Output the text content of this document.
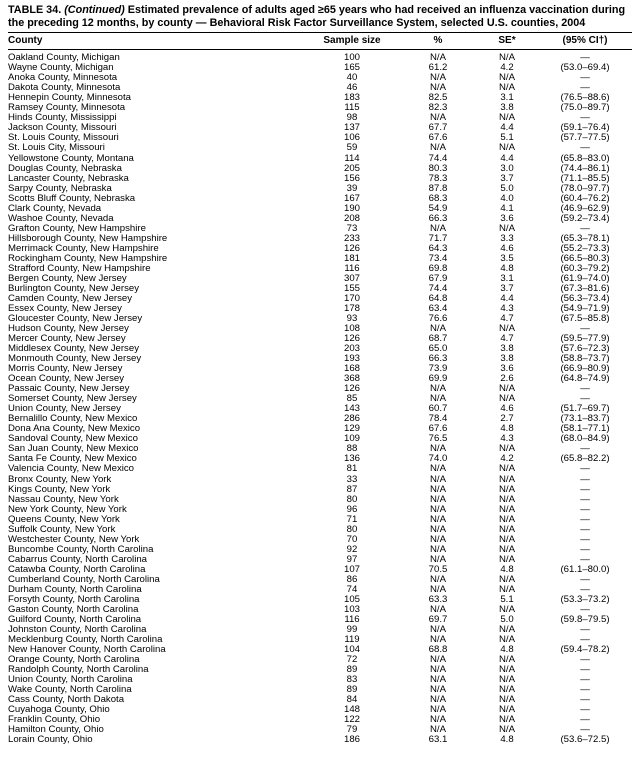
TABLE 34. (Continued) Estimated prevalence of adults aged ≥65 years who had received an influenza vaccination during the preceding 12 months, by county — Behavioral Risk Factor Surveillance System, selected U.S. counties, 2004

County	Sample size	%	SE*	(95% CI†)
Oakland County, Michigan	100	N/A	N/A	—
Wayne County, Michigan	165	61.2	4.2	(53.0–69.4)
Anoka County, Minnesota	40	N/A	N/A	—
Dakota County, Minnesota	46	N/A	N/A	—
Hennepin County, Minnesota	183	82.5	3.1	(76.5–88.6)
Ramsey County, Minnesota	115	82.3	3.8	(75.0–89.7)
Hinds County, Mississippi	98	N/A	N/A	—
Jackson County, Missouri	137	67.7	4.4	(59.1–76.4)
St. Louis County, Missouri	106	67.6	5.1	(57.7–77.5)
St. Louis City, Missouri	59	N/A	N/A	—
Yellowstone County, Montana	114	74.4	4.4	(65.8–83.0)
Douglas County, Nebraska	205	80.3	3.0	(74.4–86.1)
Lancaster County, Nebraska	156	78.3	3.7	(71.1–85.5)
Sarpy County, Nebraska	39	87.8	5.0	(78.0–97.7)
Scotts Bluff County, Nebraska	167	68.3	4.0	(60.4–76.2)
Clark County, Nevada	190	54.9	4.1	(46.9–62.9)
Washoe County, Nevada	208	66.3	3.6	(59.2–73.4)
Grafton County, New Hampshire	73	N/A	N/A	—
Hillsborough County, New Hampshire	233	71.7	3.3	(65.3–78.1)
Merrimack County, New Hampshire	126	64.3	4.6	(55.2–73.3)
Rockingham County, New Hampshire	181	73.4	3.5	(66.5–80.3)
Strafford County, New Hampshire	116	69.8	4.8	(60.3–79.2)
Bergen County, New Jersey	307	67.9	3.1	(61.9–74.0)
Burlington County, New Jersey	155	74.4	3.7	(67.3–81.6)
Camden County, New Jersey	170	64.8	4.4	(56.3–73.4)
Essex County, New Jersey	178	63.4	4.3	(54.9–71.9)
Gloucester County, New Jersey	93	76.6	4.7	(67.5–85.8)
Hudson County, New Jersey	108	N/A	N/A	—
Mercer County, New Jersey	126	68.7	4.7	(59.5–77.9)
Middlesex County, New Jersey	203	65.0	3.8	(57.6–72.3)
Monmouth County, New Jersey	193	66.3	3.8	(58.8–73.7)
Morris County, New Jersey	168	73.9	3.6	(66.9–80.9)
Ocean County, New Jersey	368	69.9	2.6	(64.8–74.9)
Passaic County, New Jersey	126	N/A	N/A	—
Somerset County, New Jersey	85	N/A	N/A	—
Union County, New Jersey	143	60.7	4.6	(51.7–69.7)
Bernalillo County, New Mexico	286	78.4	2.7	(73.1–83.7)
Dona Ana County, New Mexico	129	67.6	4.8	(58.1–77.1)
Sandoval County, New Mexico	109	76.5	4.3	(68.0–84.9)
San Juan County, New Mexico	88	N/A	N/A	—
Santa Fe County, New Mexico	136	74.0	4.2	(65.8–82.2)
Valencia County, New Mexico	81	N/A	N/A	—
Bronx County, New York	33	N/A	N/A	—
Kings County, New York	87	N/A	N/A	—
Nassau County, New York	80	N/A	N/A	—
New York County, New York	96	N/A	N/A	—
Queens County, New York	71	N/A	N/A	—
Suffolk County, New York	80	N/A	N/A	—
Westchester County, New York	70	N/A	N/A	—
Buncombe County, North Carolina	92	N/A	N/A	—
Cabarrus County, North Carolina	97	N/A	N/A	—
Catawba County, North Carolina	107	70.5	4.8	(61.1–80.0)
Cumberland County, North Carolina	86	N/A	N/A	—
Durham County, North Carolina	74	N/A	N/A	—
Forsyth County, North Carolina	105	63.3	5.1	(53.3–73.2)
Gaston County, North Carolina	103	N/A	N/A	—
Guilford County, North Carolina	116	69.7	5.0	(59.8–79.5)
Johnston County, North Carolina	99	N/A	N/A	—
Mecklenburg County, North Carolina	119	N/A	N/A	—
New Hanover County, North Carolina	104	68.8	4.8	(59.4–78.2)
Orange County, North Carolina	72	N/A	N/A	—
Randolph County, North Carolina	89	N/A	N/A	—
Union County, North Carolina	83	N/A	N/A	—
Wake County, North Carolina	89	N/A	N/A	—
Cass County, North Dakota	84	N/A	N/A	—
Cuyahoga County, Ohio	148	N/A	N/A	—
Franklin County, Ohio	122	N/A	N/A	—
Hamilton County, Ohio	79	N/A	N/A	—
Lorain County, Ohio	186	63.1	4.8	(53.6–72.5)
